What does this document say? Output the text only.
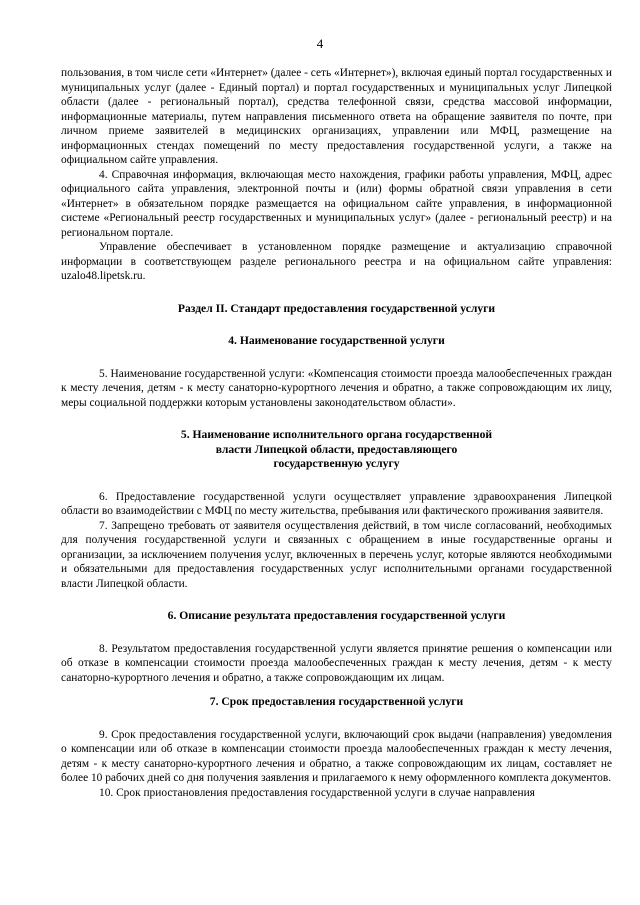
4

пользования, в том числе сети «Интернет» (далее - сеть «Интернет»), включая единый портал государственных и муниципальных услуг (далее - Единый портал) и портал государственных и муниципальных услуг Липецкой области (далее - региональный портал), средства телефонной связи, средства массовой информации, информационные материалы, путем направления письменного ответа на обращение заявителя по почте, при личном приеме заявителей в медицинских организациях, управлении или МФЦ, размещение на информационных стендах помещений по месту предоставления государственной услуги, а также на официальном сайте управления.

4. Справочная информация, включающая место нахождения, графики работы управления, МФЦ, адрес официального сайта управления, электронной почты и (или) формы обратной связи управления в сети «Интернет» в обязательном порядке размещается на официальном сайте управления, в информационной системе «Региональный реестр государственных и муниципальных услуг» (далее - региональный реестр) и на региональном портале.

Управление обеспечивает в установленном порядке размещение и актуализацию справочной информации в соответствующем разделе регионального реестра и на официальном сайте управления: uzalo48.lipetsk.ru.

Раздел II. Стандарт предоставления государственной услуги
4. Наименование государственной услуги

5. Наименование государственной услуги: «Компенсация стоимости проезда малообеспеченных граждан к месту лечения, детям - к месту санаторно-курортного лечения и обратно, а также сопровождающим их лицу, меры социальной поддержки которым установлены законодательством области».

5. Наименование исполнительного органа государственной
власти Липецкой области, предоставляющего
государственную услугу

6. Предоставление государственной услуги осуществляет управление здравоохранения Липецкой области во взаимодействии с МФЦ по месту жительства, пребывания или фактического проживания заявителя.

7. Запрещено требовать от заявителя осуществления действий, в том числе согласований, необходимых для получения государственной услуги и связанных с обращением в иные государственные органы и организации, за исключением получения услуг, включенных в перечень услуг, которые являются необходимыми и обязательными для предоставления государственных услуг исполнительными органами государственной власти Липецкой области.

6. Описание результата предоставления государственной услуги

8. Результатом предоставления государственной услуги является принятие решения о компенсации или об отказе в компенсации стоимости проезда малообеспеченных граждан к месту лечения, детям - к месту санаторно-курортного лечения и обратно, а также сопровождающим их лицам.

7. Срок предоставления государственной услуги

9. Срок предоставления государственной услуги, включающий срок выдачи (направления) уведомления о компенсации или об отказе в компенсации стоимости проезда малообеспеченных граждан к месту лечения, детям - к месту санаторно-курортного лечения и обратно, а также сопровождающим их лицам, составляет не более 10 рабочих дней со дня получения заявления и прилагаемого к нему оформленного комплекта документов.

10. Срок приостановления предоставления государственной услуги в случае направления
